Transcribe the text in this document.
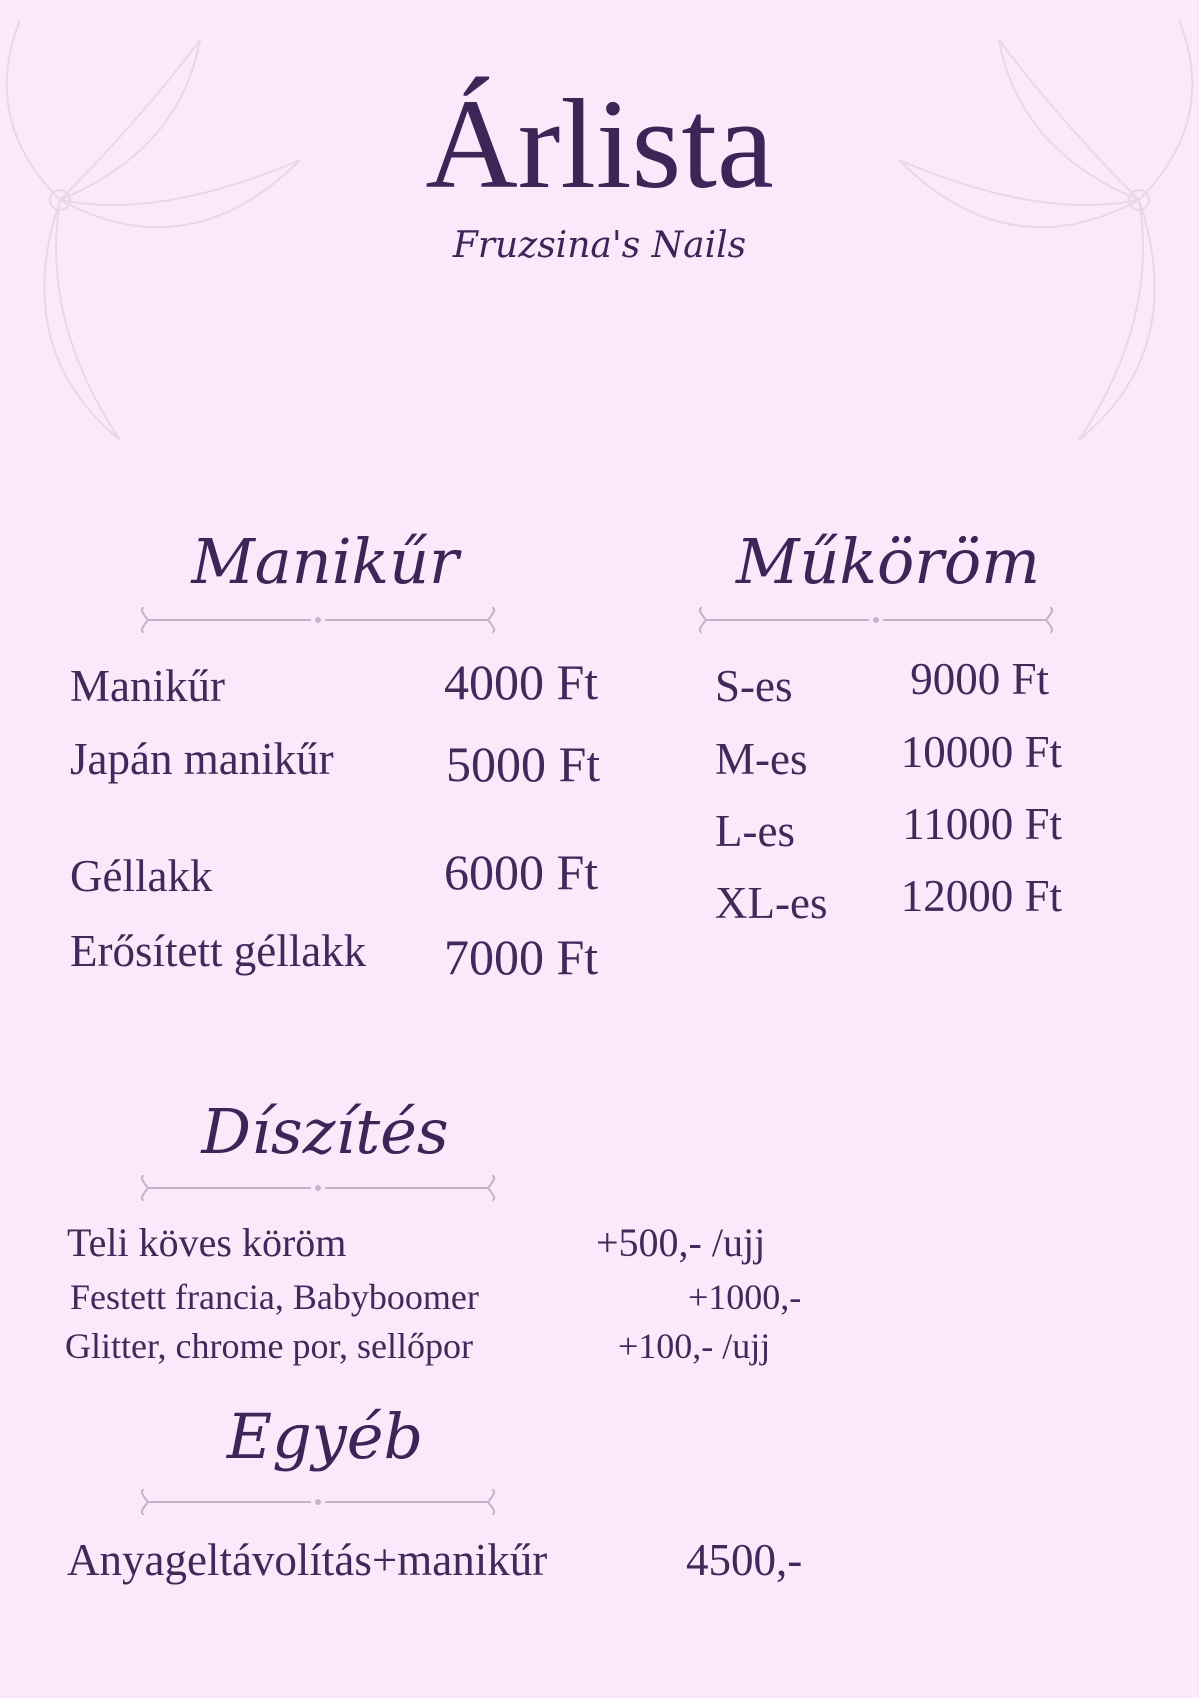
Árlista
Fruzsina's Nails
Manikűr
Manikűr	4000 Ft
Japán manikűr 5000 Ft
Géllakk	6000 Ft
Erősített géllakk 7000 Ft
Műköröm
S-es	9000 Ft
M-es 10000 Ft
L-es 11000 Ft
XL-es 12000 Ft
Díszítés
Teli köves köröm	+500,- /ujj
Festett francia, Babyboomer	+1000,-
Glitter, chrome por, sellőpor	+100,- /ujj
Egyéb
Anyageltávolítás+manikűr	4500,-
